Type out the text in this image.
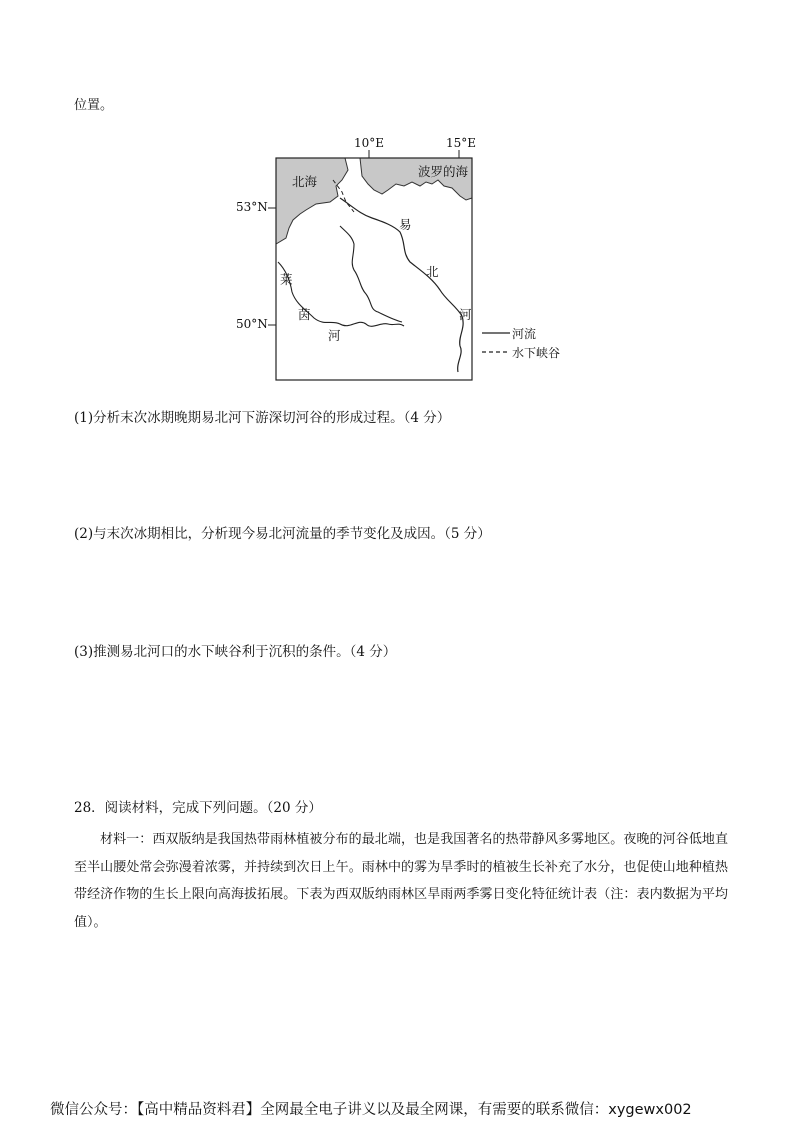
位置。
10°E	15°E
53°N
50°N
北海
波罗的海
易
北
河
莱
茵
河	河流
水下峡谷
(1)分析末次冰期晚期易北河下游深切河谷的形成过程。（4 分）
(2)与末次冰期相比，分析现今易北河流量的季节变化及成因。（5 分）
(3)推测易北河口的水下峡谷利于沉积的条件。（4 分）
28．阅读材料，完成下列问题。（20 分）
材料一：西双版纳是我国热带雨林植被分布的最北端，也是我国著名的热带静风多雾地区。夜晚的河谷低地直至半山腰处常会弥漫着浓雾，并持续到次日上午。雨林中的雾为旱季时的植被生长补充了水分，也促使山地种植热带经济作物的生长上限向高海拔拓展。下表为西双版纳雨林区旱雨两季雾日变化特征统计表（注：表内数据为平均值）。
微信公众号：【高中精品资料君】全网最全电子讲义以及最全网课，有需要的联系微信：xygewx002
